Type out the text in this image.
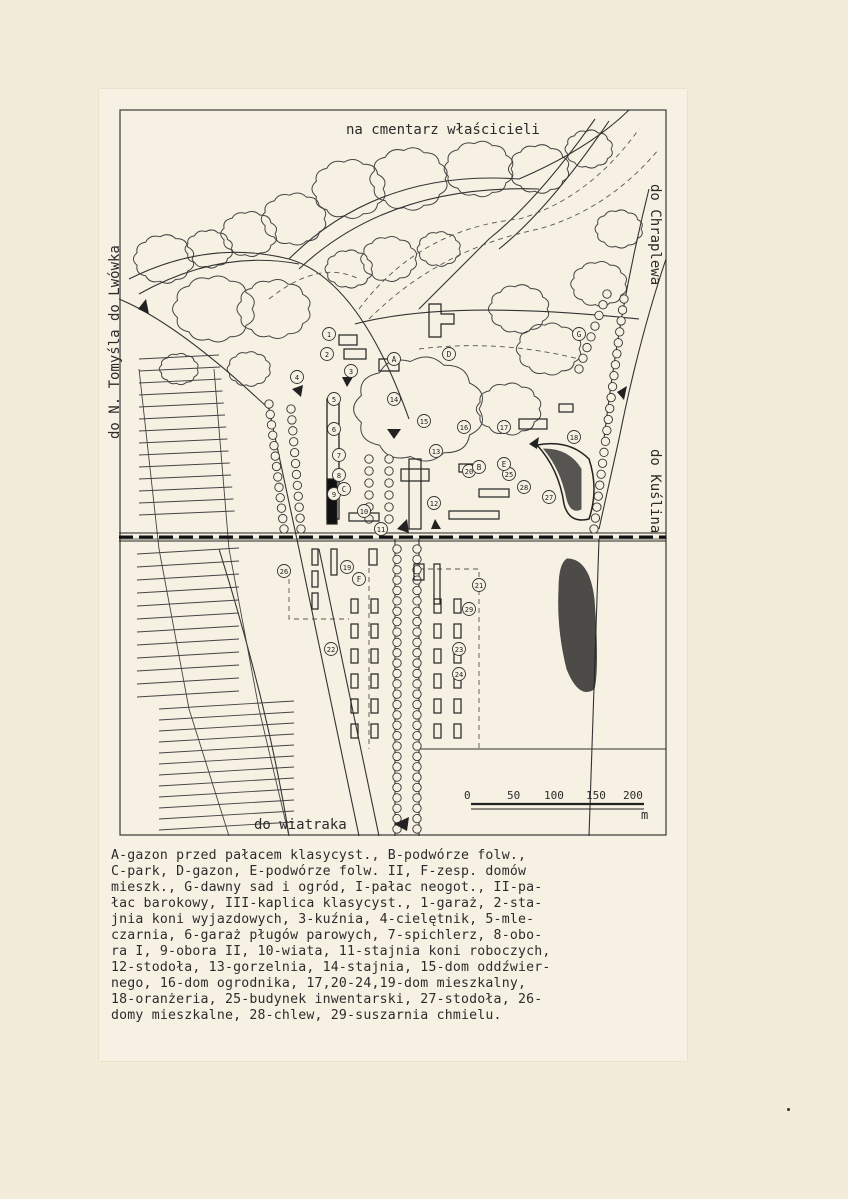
1
2
3
4
5
6
7
8
9
10
11
12
13
14
15
16	17
18
19
20
21
22	23
24
25
26
27
28
29
A
B
C
D
E
F
G
na cmentarz właścicieli
do N. Tomyśla do Lwówka
do Chraplewa
do Kuślina
do wiatraka
0	50 100 150 200
m
A-gazon przed pałacem klasycyst., B-podwórze folw.,
C-park, D-gazon, E-podwórze folw. II, F-zesp. domów
mieszk., G-dawny sad i ogród, I-pałac neogot., II-pa-
łac barokowy, III-kaplica klasycyst., 1-garaż, 2-sta-
jnia koni wyjazdowych, 3-kuźnia, 4-cielętnik, 5-mle-
czarnia, 6-garaż pługów parowych, 7-spichlerz, 8-obo-
ra I, 9-obora II, 10-wiata, 11-stajnia koni roboczych,
12-stodoła, 13-gorzelnia, 14-stajnia, 15-dom oddźwier-
nego, 16-dom ogrodnika, 17,20-24,19-dom mieszkalny,
18-oranżeria, 25-budynek inwentarski, 27-stodoła, 26-
domy mieszkalne, 28-chlew, 29-suszarnia chmielu.
